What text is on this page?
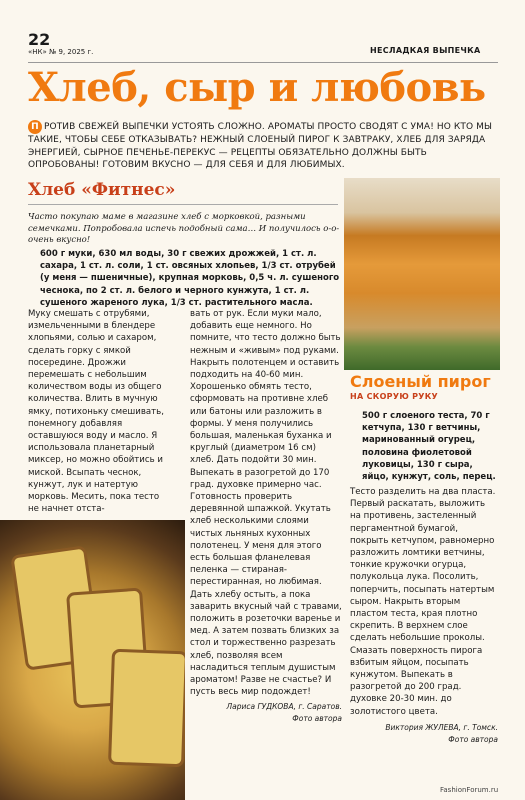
22
«НК» № 9, 2025 г.	НЕСЛАДКАЯ ВЫПЕЧКА
Хлеб, сыр и любовь
П РОТИВ СВЕЖЕЙ ВЫПЕЧКИ УСТОЯТЬ СЛОЖНО. АРОМАТЫ ПРОСТО СВОДЯТ С УМА! НО КТО МЫ ТАКИЕ, ЧТОБЫ СЕБЕ ОТКАЗЫВАТЬ? НЕЖНЫЙ СЛОЕНЫЙ ПИРОГ К ЗАВТРАКУ, ХЛЕБ ДЛЯ ЗАРЯДА ЭНЕРГИЕЙ, СЫРНОЕ ПЕЧЕНЬЕ-ПЕРЕКУС — РЕЦЕПТЫ ОБЯЗАТЕЛЬНО ДОЛЖНЫ БЫТЬ ОПРОБОВАНЫ! ГОТОВИМ ВКУСНО — ДЛЯ СЕБЯ И ДЛЯ ЛЮБИМЫХ.
Хлеб «Фитнес»
Часто покупаю маме в магазине хлеб с морковкой, разными семечками. Попробовала испечь подобный сама… И получилось о-о-очень вкусно!
600 г муки, 630 мл воды, 30 г свежих дрожжей, 1 ст. л. сахара, 1 ст. л. соли, 1 ст. овсяных хлопьев, 1/3 ст. отрубей (у меня — пшеничные), крупная морковь, 0,5 ч. л. сушеного чеснока, по 2 ст. л. белого и черного кунжута, 1 ст. л. сушеного жареного лука, 1/3 ст. растительного масла.
Муку смешать с отрубями, измельченными в блендере хлопьями, солью и сахаром, сделать горку с ямкой посередине. Дрожжи перемешать с небольшим количеством воды из общего количества. Влить в мучную ямку, потихоньку смешивать, понемногу добавляя оставшуюся воду и масло. Я использовала планетарный миксер, но можно обойтись и миской. Всыпать чеснок, кунжут, лук и натертую морковь. Месить, пока тесто не начнет отста-
вать от рук. Если муки мало, добавить еще немного. Но помните, что тесто должно быть нежным и «живым» под руками. Накрыть полотенцем и оставить подходить на 40-60 мин.
Хорошенько обмять тесто, сформовать на противне хлеб или батоны или разложить в формы. У меня получились большая, маленькая буханка и круглый (диаметром 16 см) хлеб. Дать подойти 30 мин. Выпекать в разогретой до 170 град. духовке примерно час. Готовность проверить деревянной шпажкой. Укутать хлеб несколькими слоями чистых льняных кухонных полотенец. У меня для этого есть большая фланелевая пеленка — стираная-перестиранная, но любимая. Дать хлебу остыть, а пока заварить вкусный чай с травами, положить в розеточки варенье и мед. А затем позвать близких за стол и торжественно разрезать хлеб, позволяя всем насладиться теплым душистым ароматом! Разве не счастье? И пусть весь мир подождет!
Лариса ГУДКОВА, г. Саратов.
Фото автора
Слоеный пирог
НА СКОРУЮ РУКУ
500 г слоеного теста, 70 г кетчупа, 130 г ветчины, маринованный огурец, половина фиолетовой луковицы, 130 г сыра, яйцо, кунжут, соль, перец.
Тесто разделить на два пласта. Первый раскатать, выложить на противень, застеленный пергаментной бумагой, покрыть кетчупом, равномерно разложить ломтики ветчины, тонкие кружочки огурца, полукольца лука. Посолить, поперчить, посыпать натертым сыром. Накрыть вторым пластом теста, края плотно скрепить. В верхнем слое сделать небольшие проколы. Смазать поверхность пирога взбитым яйцом, посыпать кунжутом. Выпекать в разогретой до 200 град. духовке 20-30 мин. до золотистого цвета.
Виктория ЖУЛЕВА, г. Томск.
Фото автора
FashionForum.ru
